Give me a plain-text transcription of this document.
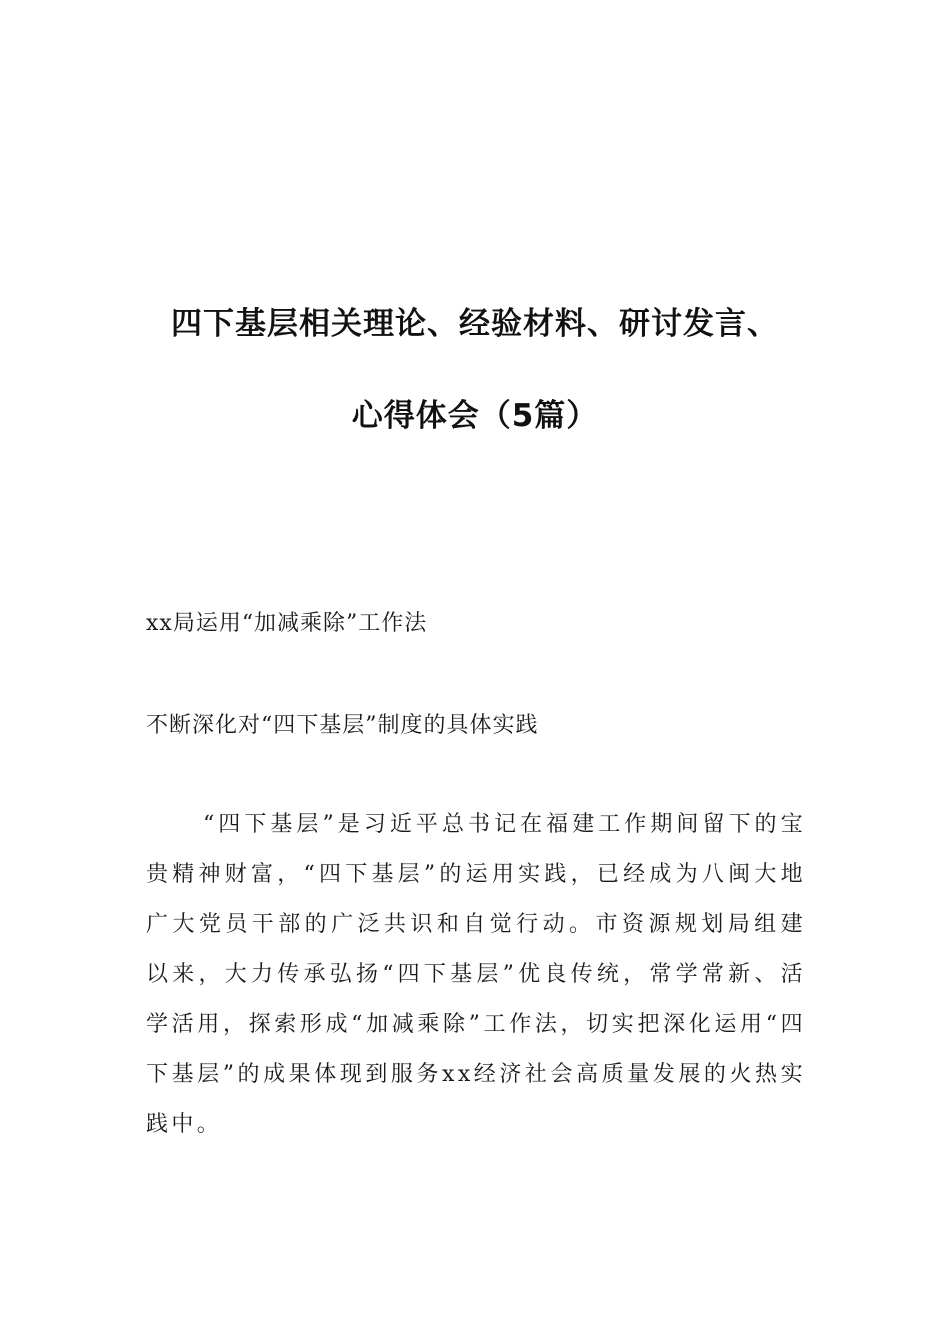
四下基层相关理论、经验材料、研讨发言、
心得体会（5篇）
xx局运用“加减乘除”工作法
不断深化对“四下基层”制度的具体实践

“四下基层”是习近平总书记在福建工作期间留下的宝贵精神财富，“四下基层”的运用实践，已经成为八闽大地广大党员干部的广泛共识和自觉行动。市资源规划局组建以来，大力传承弘扬“四下基层”优良传统，常学常新、活学活用，探索形成“加减乘除”工作法，切实把深化运用“四下基层”的成果体现到服务xx经济社会高质量发展的火热实践中。
